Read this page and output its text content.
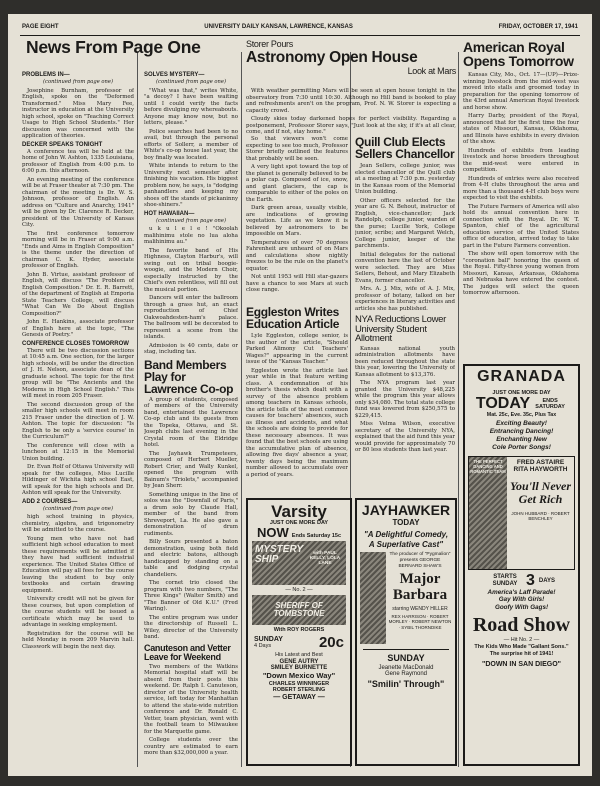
PAGE EIGHT	UNIVERSITY DAILY KANSAN, LAWRENCE, KANSAS	FRIDAY, OCTOBER 17, 1941
News From Page One
PROBLEMS IN—
(continued from page one)

Josephine Burnham, professor of English, spoke on the "Deformed Transformed." Miss Mary Fee, instructor in education at the University high school, spoke on "Teaching Correct Usage to High School Students." Her discussion was concerned with the application of theories.

DECKER SPEAKS TONIGHT

A conference tea will be held at the home of John W. Ashton, 1335 Louisiana, professor of English from 4:00 p.m. to 6:00 p.m. this afternoon.

An evening meeting of the conference will be at Fraser theater at 7:30 pm. The chairman of the meeting is Dr. W. S. Johnson, professor of English. An address on "Culture and Anarchy, 1941" will be given by Dr. Clarence R. Decker, president of the University of Kansas City.

The first conference tomorrow morning will be in Fraser at 9:00 a.m. "Ends and Aims in English Composition" is the theme under the direction of chairman C. K. Hyder, associate professor of English.

John B. Virtue, assistant professor of English, will discuss "The Problem of English Composition." Dr. E. R. Barrett, of the department of English at Emporia State Teachers College, will discuss "What Can We Do About English Composition?"

John E. Hankins, associate professor of English here at the topic, "The Genesis of Poetry."

CONFERENCE CLOSES TOMORROW

There will be two discussion sections at 10:45 a.m. One section, for the larger high schools, will be under the direction of J. H. Nelson, associate dean of the graduate school. The topic for the first group will be "The Ancients and the Moderns in High School English." This will meet in room 205 Fraser.

The second discussion group of the smaller high schools will meet in room 215 Fraser under the direction of J. W. Ashton. The topic for discussion: "Is English to be only a 'service course' in the Curriculum?"

The conference will close with a luncheon at 12:15 in the Memorial Union building.

Dr. Evan Rolf of Ottawa University will speak for the colleges, Miss Lucille Hildinger of Wichita high school East, will speak for the high schools and Dr. Ashton will speak for the University.

ADD 2 COURSES—
(continued from page one)

high school training in physics, chemistry, algebra, and trigonometry will be admitted to the course.

Young men who have not had sufficient high school education to meet these requirements will be admitted if they have had sufficient industrial experience. The United States Office of Education will pay all fees for the course leaving the student to buy only textbooks and certain drawing equipment.

University credit will not be given for these courses, but upon completion of the course students will be issued a certificate which may be used to advantage in seeking employment.

Registration for the course will be held Monday in room 209 Marvin hall. Classwork will begin the next day.

SOLVES MYSTERY—
(continued from page one)

"What was that," writes White, "a decoy? I have been waiting until I could verify the facts before divulging my whereabouts. Anyone may know now, but no letters, please."

Police searches had been to no avail, but through the personal efforts of Sollerr, a member of White's co-op house last year, the boy finally was located.

White intends to return to the University next semester after finishing his vacation. His biggest problem now, he says, is "dodging panhandlers and keeping my shoes off the stands of pickaninny shoe-shiners."

HOT HAWAIIAN—
(continued from page one)

u k u l e l e ! "Okoolah malihinimu stole no lua aloha malihinimu au."

The favorite band of His Highness, Clayton Harbur's, will swing out on tribal boogie-woogie, and the Modern Choir, especially instructed by the Chief's own relentless, will fill out the musical portion.

Dancers will enter the ballroom through a grass hut, an exact reproduction of Chief Oakwoahdesten-ham's palace. The ballroom will be decorated to represent a scene from the islands.

Admission is 40 cents, date or stag, including tax.

Band Members Play for Lawrence Co-op

A group of students, composed of members of the University band, entertained the Lawrence Co-op club and its guests from the Topeka, Ottawa, and St. Joseph clubs last evening in the Crystal room of the Eldridge hotel.

The Jayhawk Trumpeteers, composed of Herbert Mueller, Robert Crier, and Wally Kunkel, opened the program with Bainum's "Triolets," accompanied by Jean Sherr.

Something unique in the line of solos was the "Downfall of Paris," a drum solo by Claude Hall, member of the band from Shreveport, La. He also gave a demonstration of drum rudiments.

Billy Sours presented a baton demonstration, using both field and electric batons, although handicapped by standing on a table and dodging crystal chandeliers.

The cornet trio closed the program with two numbers, "The Three Kings" (Walter Smith) and "The Banner of Old K.U." (Fred Waring).

The entire program was under the directorship of Russell L. Wiley, director of the University band.

Canuteson and Vetter Leave for Weekend

Two members of the Watkins Memorial hospital staff will be absent from their posts this weekend. Dr. Ralph I. Canuteson, director of the University health service, left today for Manhattan to attend the state-wide nutrition conference and Dr. Ronald C. Vetter, team physician, went with the football team to Milwaukee for the Marquette game.

College students over the country are estimated to earn more than $32,000,000 a year.

Storer Pours
Astronomy Open House
Look at Mars

With weather permitting Mars will be seen at open house tonight in the observatory from 7:30 until 10:30. Although no Hill band is booked to play and refreshments aren't on the program, Prof. N. W. Storer is expecting a capacity crowd.

Cloudy skies today darkened hopes for perfect visibility. Regarding a postponement, Professor Storer says, "Just look at the sky, if it's at all clear, come, and if not, stay home."

So that viewers won't come expecting to see too much, Professor Storer briefly outlined the features that probably will be seen.

A very light spot toward the top of the planet is generally believed to be a polar cap. Composed of ice, snow, and giant glaciers, the cap is comparable to either of the poles on the Earth.

Dark green areas, usually visible, are indications of growing vegetation. Life as we know it is believed by astronomers to be impossible on Mars.

Temperatures of over 70 degrees Fahrenheit are unheard of on Mars and calculations show nightly freezes to be the rule on the planet's equator.

Not until 1953 will Hill star-gazers have a chance to see Mars at such close range.

Eggleston Writes Education Article

Lyle Eggleston, college senior, is the author of the article, "Should Parked Alimony Cut Teachers' Wages?" appearing in the current issue of the "Kansas Teacher."

Eggleston wrote the article last year while in that feature writing class. A condemnation of his brother's thesis which dealt with a survey of the absence problem among teachers in Kansas schools, the article tells of the most common causes for teachers' absences, such as illness and accidents, and what the schools are doing to provide for these necessary absences. It was found that the best schools are using the accumulative plan of absence, allowing five days' absence a year, twenty days being the maximum number allowed to accumulate over a period of years.

Quill Club Elects Sellers Chancellor

Jean Sellers, college junior, was elected chancellor of the Quill club at a meeting at 7:30 p.m. yesterday in the Kansas room of the Memorial Union building.

Other officers selected for the year are G. N. Behout, instructor of English, vice-chancellor; Jack Randolph, college junior, warden of the purse; Lucille York, College junior, scribe; and Margaret Welch, College junior, keeper of the parchments.

Initial delegates for the national convention here the last of October were selected. They are Miss Sellers, Behout, and Mary Elizabeth Evans, former chancellor.

Mrs. A. J. Mix, wife of A. J. Mix, professor of botany, talked on her experiences in literary activities and articles she has published.

NYA Reductions Lower University Student Allotment

Kansas national youth administration allotments have been reduced throughout the state this year, lowering the University of Kansas allotment to $13,376.

The NYA program last year granted the University $48,225 while the program this year allows only $34,080. The total state college fund was lowered from $250,575 to $229,415.

Miss Velma Wilson, executive secretary of the University NYA, explained that the aid fund this year would provide for approximately 70 or 80 less students than last year.

American Royal Opens Tomorrow

Kansas City, Mo., Oct. 17—(UP)—Prize-winning livestock from the mid-west was moved into stalls and groomed today in preparation for the opening tomorrow of the 43rd annual American Royal livestock and horse show.

Harry Darby, president of the Royal, announced that for the first time the four states of Missouri, Kansas, Oklahoma, and Illinois have exhibits in every division of the show.

Hundreds of exhibits from leading livestock and horse breeders throughout the mid-west were entered in competition.

Hundreds of entries were also received from 4-H clubs throughout the area and more than a thousand 4-H club boys were expected to visit the exhibits.

The Future Farmers of America will also hold its annual convention here in connection with the Royal. Dr. W. T. Spanton, chief of the agricultural education service of the United States office of education, arrived today to take part in the Future Farmers convention.

The show will open tomorrow with the "coronation ball" honoring the queen of the Royal. Fifty-three young women from Missouri, Kansas, Arkansas, Oklahoma and Nebraska have entered the contest. The judges will select the queen tomorrow afternoon.

Varsity
JUST ONE MORE DAY
NOW Ends Saturday 15c
MYSTERY SHIP
with PAUL KELLY, LOLA LANE
— No. 2 —
SHERIFF OF TOMBSTONE
With ROY ROGERS
SUNDAY
4 Days	20c
His Latest and Best
GENE AUTRY
SMILEY BURNETTE
"Down Mexico Way"
CHARLES WINNINGER
ROBERT STERLING
— GETAWAY —
JAYHAWKER
TODAY
"A Delightful Comedy, A Superlative Cast"
The producer of "Pygmalion" presents GEORGE BERNARD SHAW'S
Major Barbara
starring WENDY HILLER
REX HARRISON · ROBERT MORLEY · ROBERT NEWTON · SYBIL THORNDIKE
SUNDAY
Jeanette MacDonald
Gene Raymond
"Smilin' Through"
GRANADA
JUST ONE MORE DAY
TODAY	ENDS SATURDAY
Mat. 25c, Eve. 35c, Plus Tax
Exciting Beauty!
Entrancing Dancing!
Enchanting New
Cole Porter Songs!
THE PERFECT DANCING AND ROMANTIC TEAM
FRED ASTAIRE RITA HAYWORTH
You'll Never Get Rich
JOHN HUBBARD · ROBERT BENCHLEY
STARTS SUNDAY 3 DAYS
America's Laff Parade!
Gay With Girls!
Goofy With Gags!
Road Show
— Hit No. 2 —
The Kids Who Made "Gallant Sons." The surprise hit of 1941!
"DOWN IN SAN DIEGO"
